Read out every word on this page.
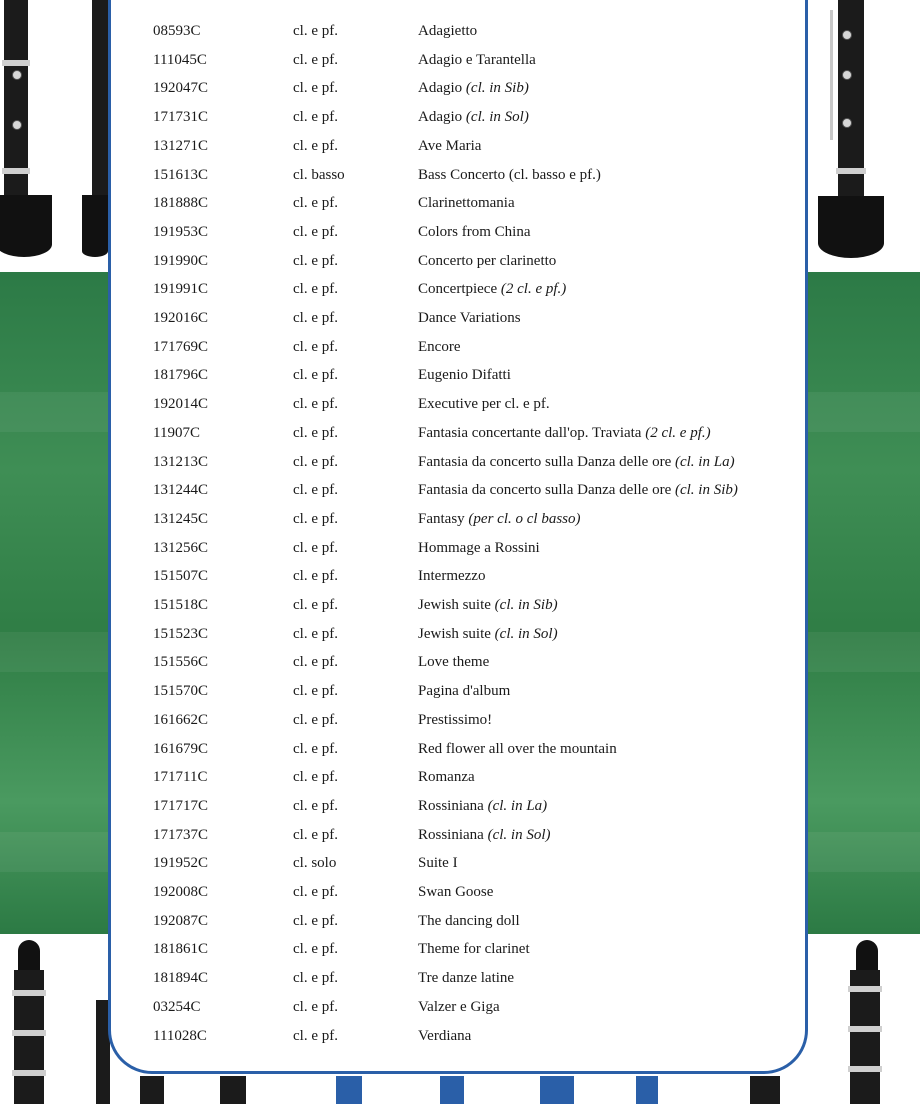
08593C	cl. e pf.	Adagietto
111045C	cl. e pf.	Adagio e Tarantella
192047C	cl. e pf.	Adagio (cl. in Sib)
171731C	cl. e pf.	Adagio (cl. in Sol)
131271C	cl. e pf.	Ave Maria
151613C	cl. basso	Bass Concerto (cl. basso e pf.)
181888C	cl. e pf.	Clarinettomania
191953C	cl. e pf.	Colors from China
191990C	cl. e pf.	Concerto per clarinetto
191991C	cl. e pf.	Concertpiece (2 cl. e pf.)
192016C	cl. e pf.	Dance Variations
171769C	cl. e pf.	Encore
181796C	cl. e pf.	Eugenio Difatti
192014C	cl. e pf.	Executive per cl. e pf.
11907C	cl. e pf.	Fantasia concertante dall'op. Traviata (2 cl. e pf.)
131213C	cl. e pf.	Fantasia da concerto sulla Danza delle ore (cl. in La)
131244C	cl. e pf.	Fantasia da concerto sulla Danza delle ore (cl. in Sib)
131245C	cl. e pf.	Fantasy (per cl. o cl basso)
131256C	cl. e pf.	Hommage a Rossini
151507C	cl. e pf.	Intermezzo
151518C	cl. e pf.	Jewish suite (cl. in Sib)
151523C	cl. e pf.	Jewish suite (cl. in Sol)
151556C	cl. e pf.	Love theme
151570C	cl. e pf.	Pagina d'album
161662C	cl. e pf.	Prestissimo!
161679C	cl. e pf.	Red flower all over the mountain
171711C	cl. e pf.	Romanza
171717C	cl. e pf.	Rossiniana (cl. in La)
171737C	cl. e pf.	Rossiniana (cl. in Sol)
191952C	cl. solo	Suite I
192008C	cl. e pf.	Swan Goose
192087C	cl. e pf.	The dancing doll
181861C	cl. e pf.	Theme for clarinet
181894C	cl. e pf.	Tre danze latine
03254C	cl. e pf.	Valzer e Giga
111028C	cl. e pf.	Verdiana
